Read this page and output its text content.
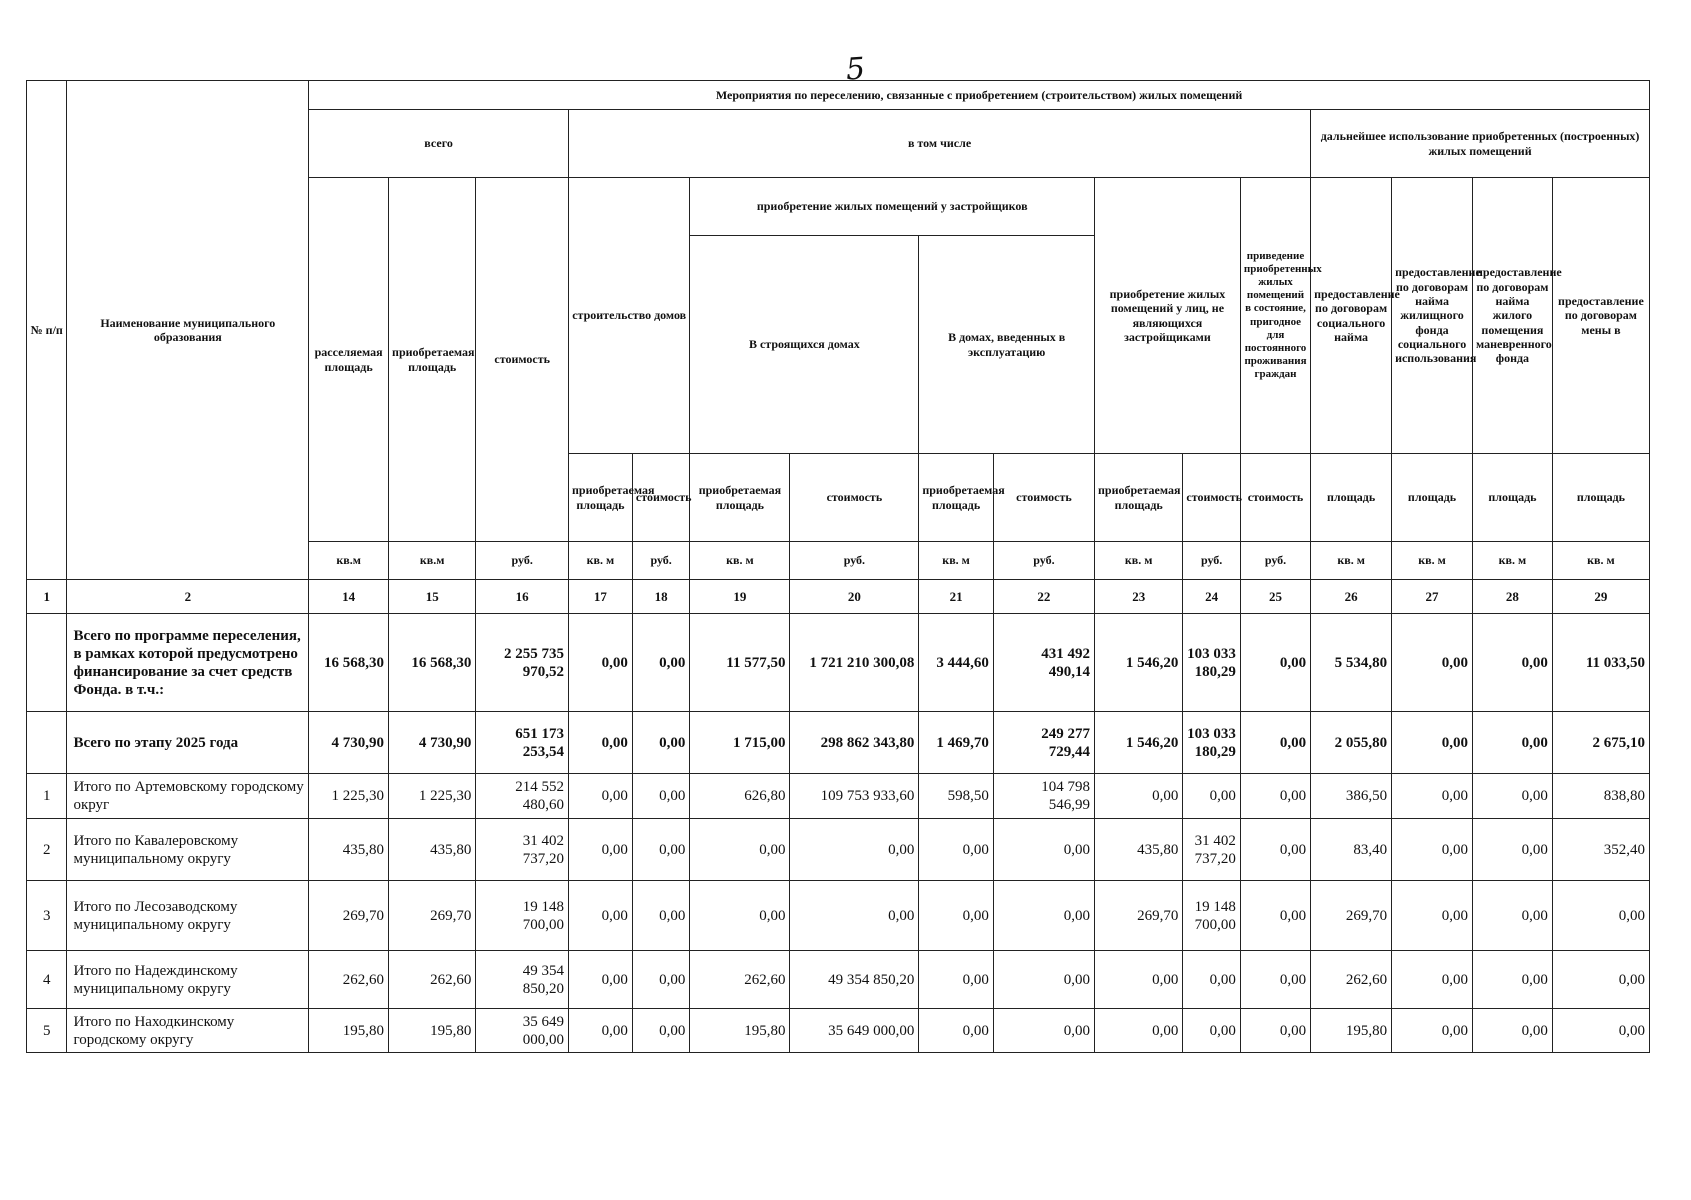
5
№ п/п	Наименование муниципального образования	Мероприятия по переселению, связанные с приобретением (строительством) жилых помещений															
		всего			в том числе									дальнейшее использование приобретенных (построенных) жилых помещений			
		расселяемая площадь	приобретаемая площадь	стоимость	строительство домов		приобретение жилых помещений у застройщиков				приобретение жилых помещений у лиц, не являющихся застройщиками		приведение приобретенных жилых помещений в состояние, пригодное для постоянного проживания граждан	предоставление по договорам социального найма	предоставление по договорам найма жилищного фонда социального использования	предоставление по договорам найма жилого помещения маневренного фонда	предоставление по договорам мены в
							В строящихся домах		В домах, введенных в эксплуатацию								
					приобретаемая площадь	стоимость	приобретаемая площадь	стоимость	приобретаемая площадь	стоимость	приобретаемая площадь	стоимость	стоимость	площадь	площадь	площадь	площадь
		кв.м	кв.м	руб.	кв. м	руб.	кв. м	руб.	кв. м	руб.	кв. м	руб.	руб.	кв. м	кв. м	кв. м	кв. м
1	2	14	15	16	17	18	19	20	21	22	23	24	25	26	27	28	29
	Всего по программе переселения, в рамках которой предусмотрено финансирование за счет средств Фонда. в т.ч.:	16 568,30	16 568,30	2 255 735 970,52	0,00	0,00	11 577,50	1 721 210 300,08	3 444,60	431 492 490,14	1 546,20	103 033 180,29	0,00	5 534,80	0,00	0,00	11 033,50
	Всего по этапу 2025 года	4 730,90	4 730,90	651 173 253,54	0,00	0,00	1 715,00	298 862 343,80	1 469,70	249 277 729,44	1 546,20	103 033 180,29	0,00	2 055,80	0,00	0,00	2 675,10
1	Итого по Артемовскому городскому округ	1 225,30	1 225,30	214 552 480,60	0,00	0,00	626,80	109 753 933,60	598,50	104 798 546,99	0,00	0,00	0,00	386,50	0,00	0,00	838,80
2	Итого по Кавалеровскому муниципальному округу	435,80	435,80	31 402 737,20	0,00	0,00	0,00	0,00	0,00	0,00	435,80	31 402 737,20	0,00	83,40	0,00	0,00	352,40
3	Итого по Лесозаводскому муниципальному округу	269,70	269,70	19 148 700,00	0,00	0,00	0,00	0,00	0,00	0,00	269,70	19 148 700,00	0,00	269,70	0,00	0,00	0,00
4	Итого по Надеждинскому муниципальному округу	262,60	262,60	49 354 850,20	0,00	0,00	262,60	49 354 850,20	0,00	0,00	0,00	0,00	0,00	262,60	0,00	0,00	0,00
5	Итого по Находкинскому городскому округу	195,80	195,80	35 649 000,00	0,00	0,00	195,80	35 649 000,00	0,00	0,00	0,00	0,00	0,00	195,80	0,00	0,00	0,00
